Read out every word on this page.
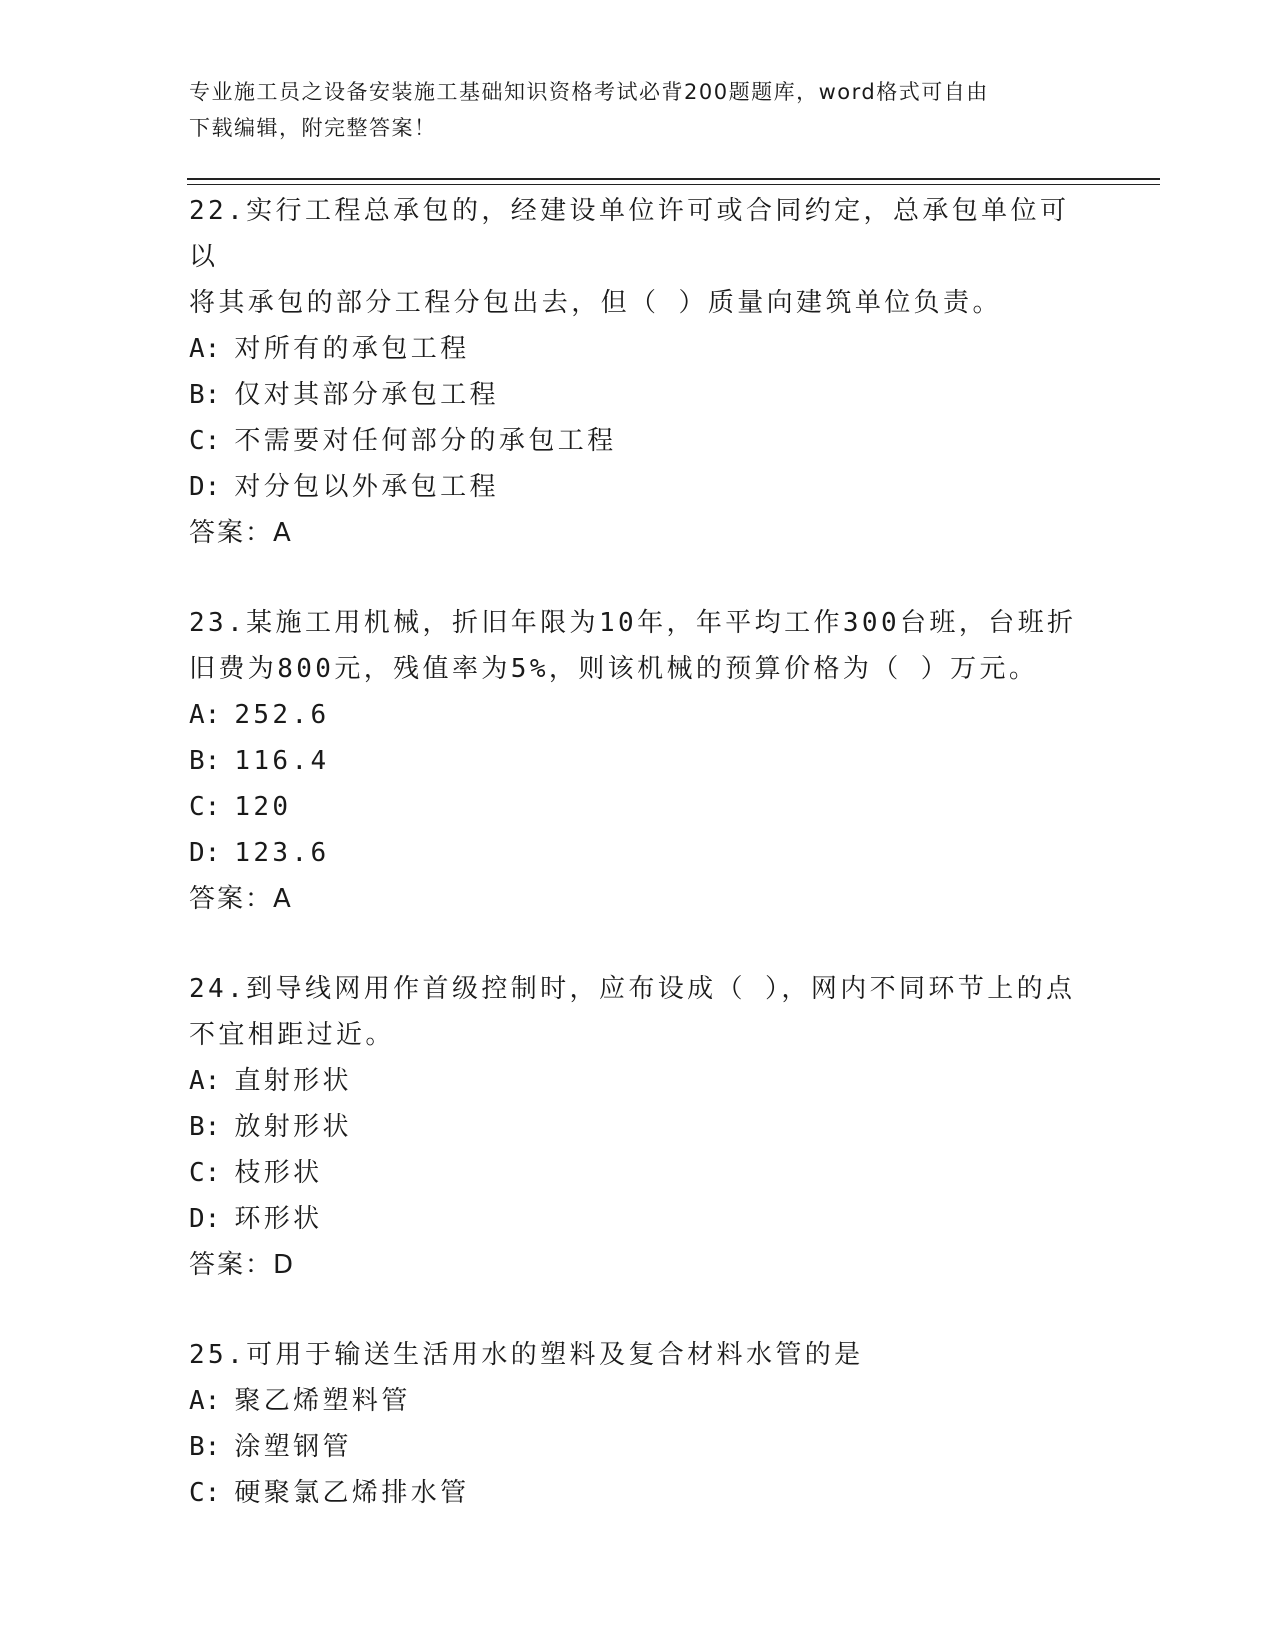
专业施工员之设备安装施工基础知识资格考试必背200题题库，word格式可自由
下载编辑，附完整答案！
22.实行工程总承包的，经建设单位许可或合同约定，总承包单位可以
将其承包的部分工程分包出去，但（ ）质量向建筑单位负责。
A: 对所有的承包工程
B: 仅对其部分承包工程
C: 不需要对任何部分的承包工程
D: 对分包以外承包工程
答案：A
23.某施工用机械，折旧年限为10年，年平均工作300台班，台班折
旧费为800元，残值率为5%，则该机械的预算价格为（ ）万元。
A: 252.6
B: 116.4
C: 120
D: 123.6
答案：A
24.到导线网用作首级控制时，应布设成（ ），网内不同环节上的点
不宜相距过近。
A: 直射形状
B: 放射形状
C: 枝形状
D: 环形状
答案：D
25.可用于输送生活用水的塑料及复合材料水管的是
A: 聚乙烯塑料管
B: 涂塑钢管
C: 硬聚氯乙烯排水管
